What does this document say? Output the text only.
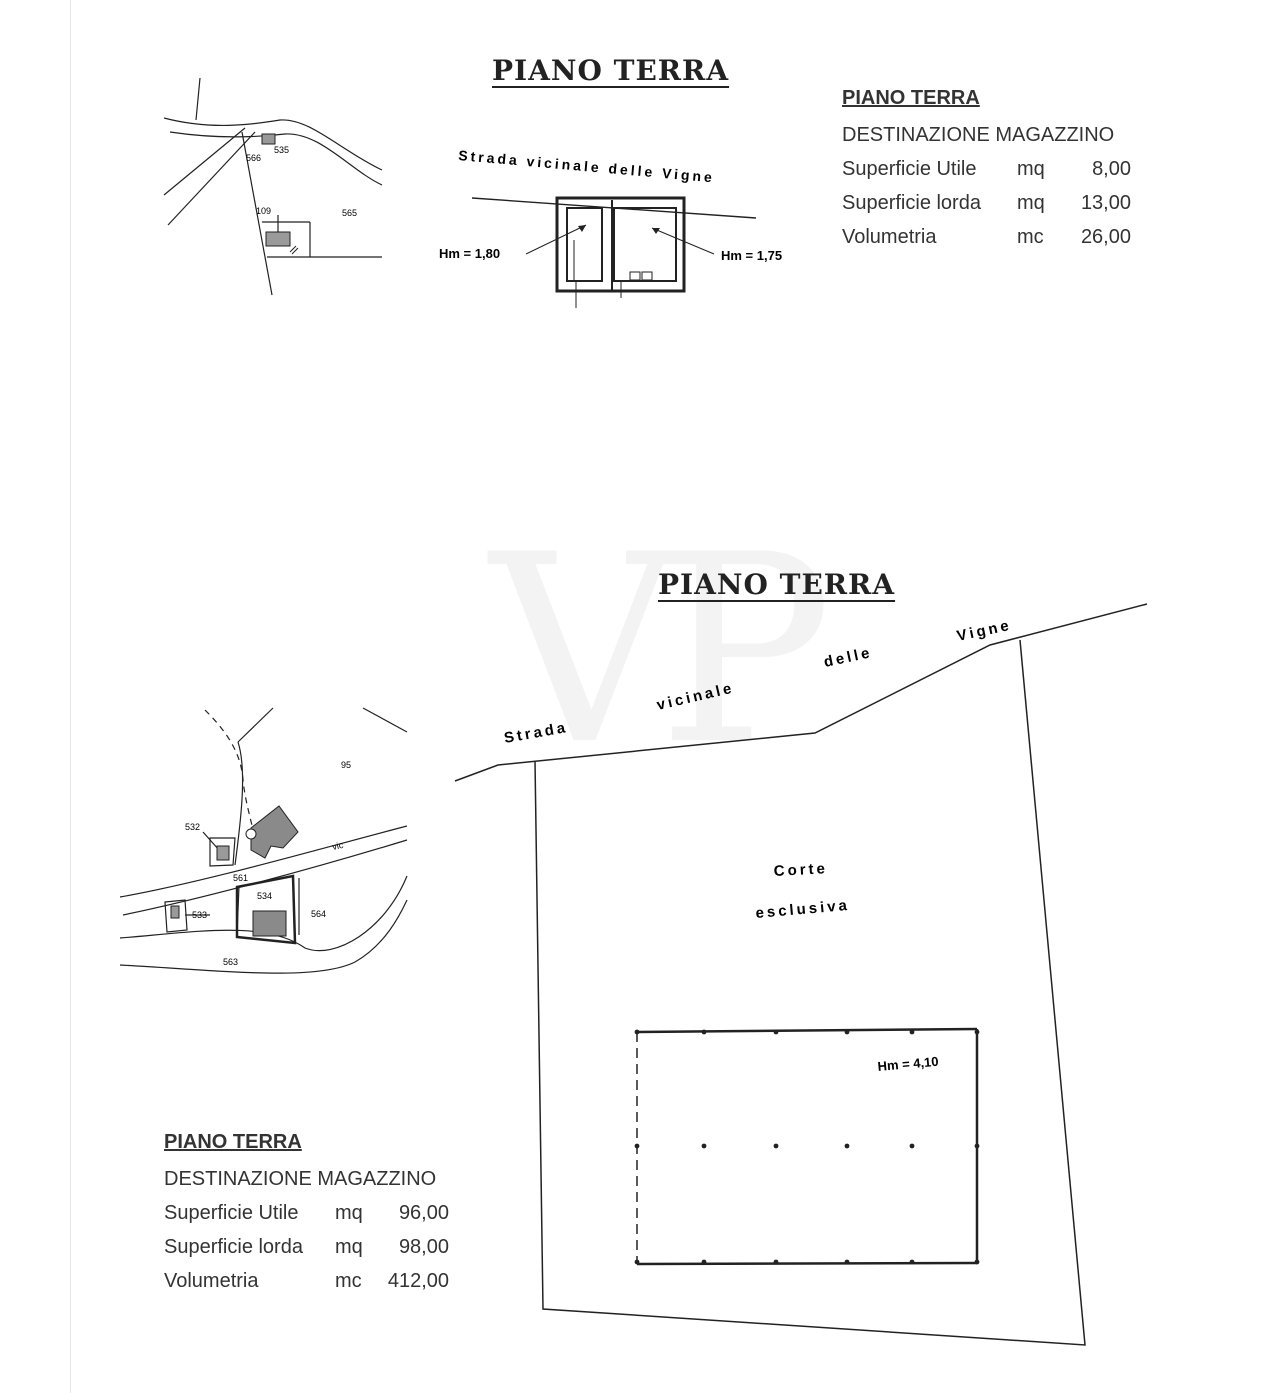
PIANO TERRA
535
566
109	565
Strada vicinale delle Vigne
Hm = 1,80	Hm = 1,75
PIANO TERRA
DESTINAZIONE MAGAZZINO
Superficie Utile mq 8,00
Superficie lorda mq 13,00
Volumetria	mc 26,00
PIANO TERRA
95
532
561
534
564
533
563
vic
Strada
vicinale
delle
Vigne
Corte
esclusiva
Hm = 4,10
PIANO TERRA
DESTINAZIONE MAGAZZINO
Superficie Utile mq 96,00
Superficie lorda mq 98,00
Volumetria	mc 412,00
